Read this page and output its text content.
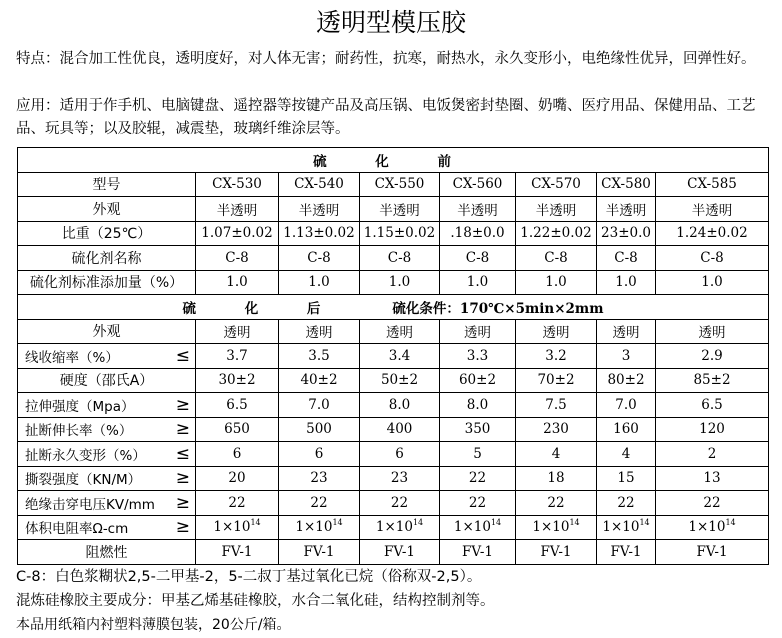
透明型模压胶
特点：混合加工性优良，透明度好，对人体无害；耐药性，抗寒，耐热水，永久变形小，电绝缘性优异，回弹性好。
应用：适用于作手机、电脑键盘、遥控器等按键产品及高压锅、电饭煲密封垫圈、奶嘴、医疗用品、保健用品、工艺品、玩具等；以及胶辊，减震垫，玻璃纤维涂层等。
硫 化 前							
型号	CX-530	CX-540	CX-550	CX-560	CX-570	CX-580	CX-585
外观	半透明	半透明	半透明	半透明	半透明	半透明	半透明
比重（25℃）	1.07±0.02	1.13±0.02	1.15±0.02	.18±0.0	1.22±0.02	23±0.0	1.24±0.02
硫化剂名称	C-8	C-8	C-8	C-8	C-8	C-8	C-8
硫化剂标准添加量（%）	1.0	1.0	1.0	1.0	1.0	1.0	1.0
硫 化 后 硫化条件：170℃×5min×2mm							
外观	透明	透明	透明	透明	透明	透明	透明

线收缩率（%） ≤	3.7	3.5	3.4	3.3	3.2	3	2.9
硬度（邵氏A）	30±2	40±2	50±2	60±2	70±2	80±2	85±2

拉伸强度（Mpa） ≥	6.5	7.0	8.0	8.0	7.5	7.0	6.5

扯断伸长率（%） ≥	650	500	400	350	230	160	120

扯断永久变形（%） ≤	6	6	6	5	4	4	2

撕裂强度（KN/M） ≥	20	23	23	22	18	15	13

绝缘击穿电压KV/mm ≥	22	22	22	22	22	22	22

体积电阻率Ω-cm ≥	$1\times 10^{14}$	$1\times 10^{14}$	$1\times 10^{14}$	$1\times 10^{14}$	$1\times 10^{14}$	$1\times 10^{14}$	$1\times 10^{14}$
阻燃性	FV-1	FV-1	FV-1	FV-1	FV-1	FV-1	FV-1
C-8：白色浆糊状2,5-二甲基-2，5-二叔丁基过氧化已烷（俗称双-2,5）。
混炼硅橡胶主要成分：甲基乙烯基硅橡胶，水合二氧化硅，结构控制剂等。
本品用纸箱内衬塑料薄膜包装，20公斤/箱。
